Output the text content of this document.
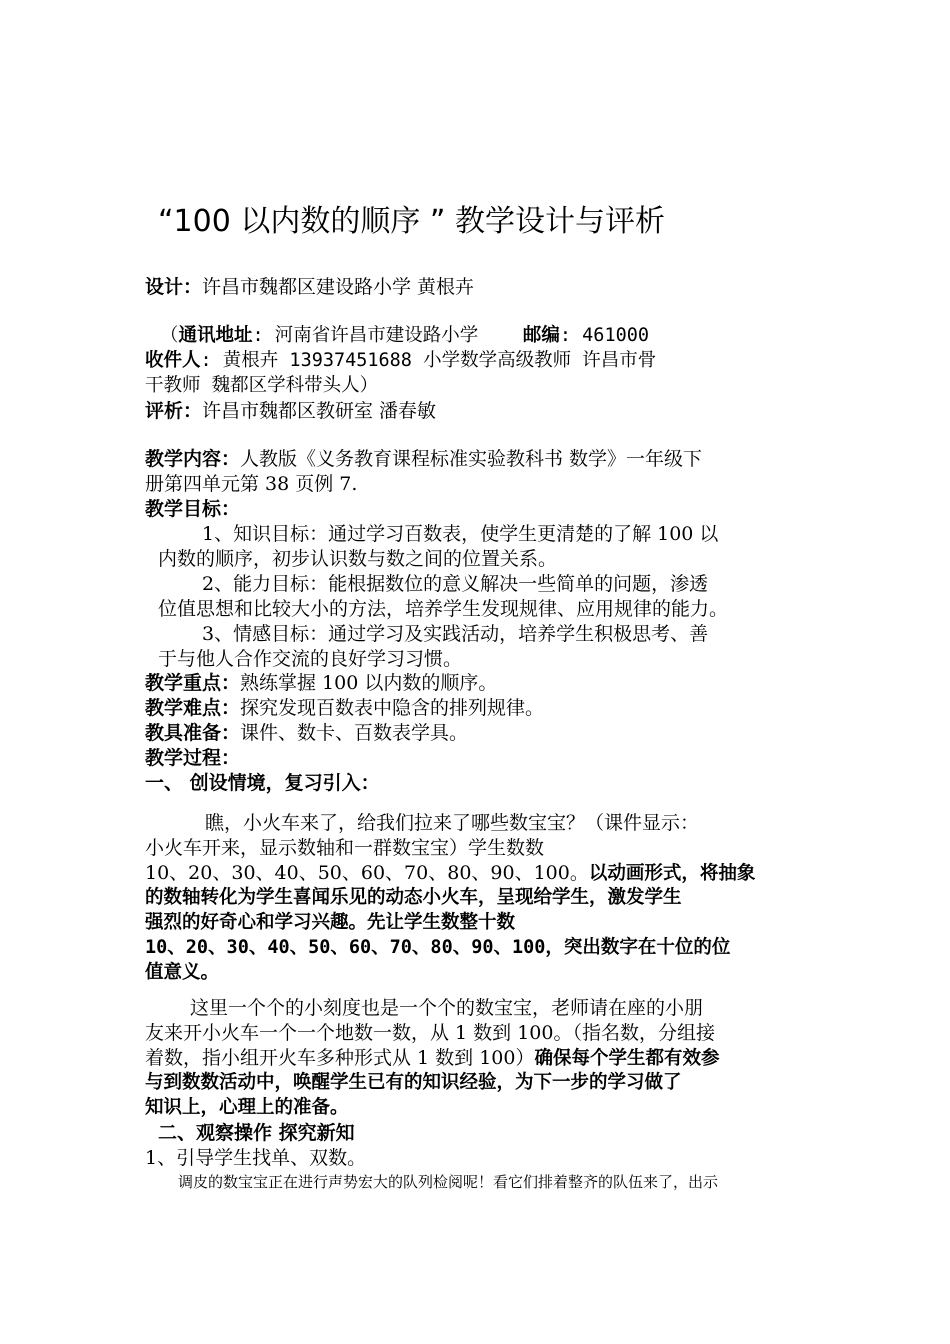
“100 以内数的顺序 ” 教学设计与评析
设计：许昌市魏都区建设路小学 黄根卉
（通讯地址: 河南省许昌市建设路小学 邮编: 461000
收件人: 黄根卉 13937451688 小学数学高级教师 许昌市骨
干教师 魏都区学科带头人）
评析：许昌市魏都区教研室 潘春敏
教学内容：人教版《义务教育课程标准实验教科书 数学》一年级下
册第四单元第 38 页例 7.
教学目标：
1、知识目标：通过学习百数表，使学生更清楚的了解 100 以
内数的顺序，初步认识数与数之间的位置关系。
2、能力目标：能根据数位的意义解决一些简单的问题，渗透
位值思想和比较大小的方法，培养学生发现规律、应用规律的能力。
3、情感目标：通过学习及实践活动，培养学生积极思考、善
于与他人合作交流的良好学习习惯。
教学重点：熟练掌握 100 以内数的顺序。
教学难点：探究发现百数表中隐含的排列规律。
教具准备：课件、数卡、百数表学具。
教学过程：
一、 创设情境，复习引入：
瞧，小火车来了，给我们拉来了哪些数宝宝？（课件显示：
小火车开来，显示数轴和一群数宝宝）学生数数
10、20、30、40、50、60、70、80、90、100。以动画形式，将抽象
的数轴转化为学生喜闻乐见的动态小火车，呈现给学生，激发学生
强烈的好奇心和学习兴趣。先让学生数整十数
10、20、30、40、50、60、70、80、90、100，突出数字在十位的位
值意义。
这里一个个的小刻度也是一个个的数宝宝，老师请在座的小朋
友来开小火车一个一个地数一数，从 1 数到 100。（指名数，分组接
着数，指小组开火车多种形式从 1 数到 100）确保每个学生都有效参
与到数数活动中，唤醒学生已有的知识经验，为下一步的学习做了
知识上，心理上的准备。
二、观察操作 探究新知
1、引导学生找单、双数。
调皮的数宝宝正在进行声势宏大的队列检阅呢！看它们排着整齐的队伍来了，出示
